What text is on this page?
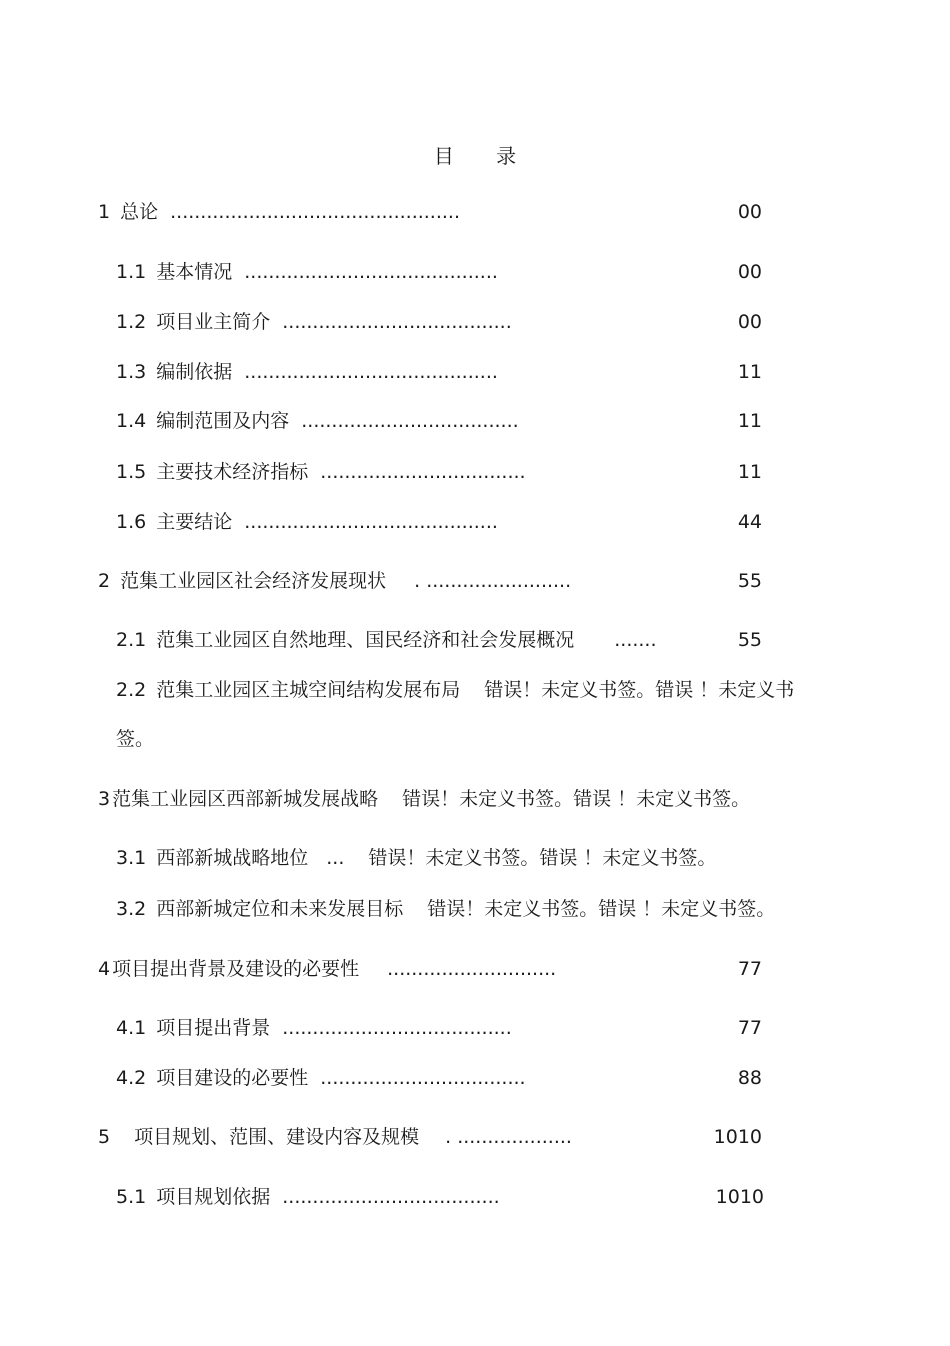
目 录
1 总论 ................................................	00
1.1 基本情况 ..........................................	00
1.2 项目业主简介 ......................................	00
1.3 编制依据 ..........................................	11
1.4 编制范围及内容 ....................................	11
1.5 主要技术经济指标 ..................................	11
1.6 主要结论 ..........................................	44
2 范集工业园区社会经济发展现状 . ........................	55
2.1 范集工业园区自然地理、国民经济和社会发展概况 .......	55
2.2 范集工业园区主城空间结构发展布局 错误！未定义书签。错误 ！未定义书
签。
3 范集工业园区西部新城发展战略 错误！未定义书签。错误 ！未定义书签。
3.1 西部新城战略地位 ... 错误！未定义书签。错误 ！未定义书签。
3.2 西部新城定位和未来发展目标 错误！未定义书签。错误 ！未定义书签。
4 项目提出背景及建设的必要性 ............................	77
4.1 项目提出背景 ......................................	77
4.2 项目建设的必要性 ..................................	88
5 项目规划、范围、建设内容及规模 . ...................	1010
5.1 项目规划依据 ....................................	1010
